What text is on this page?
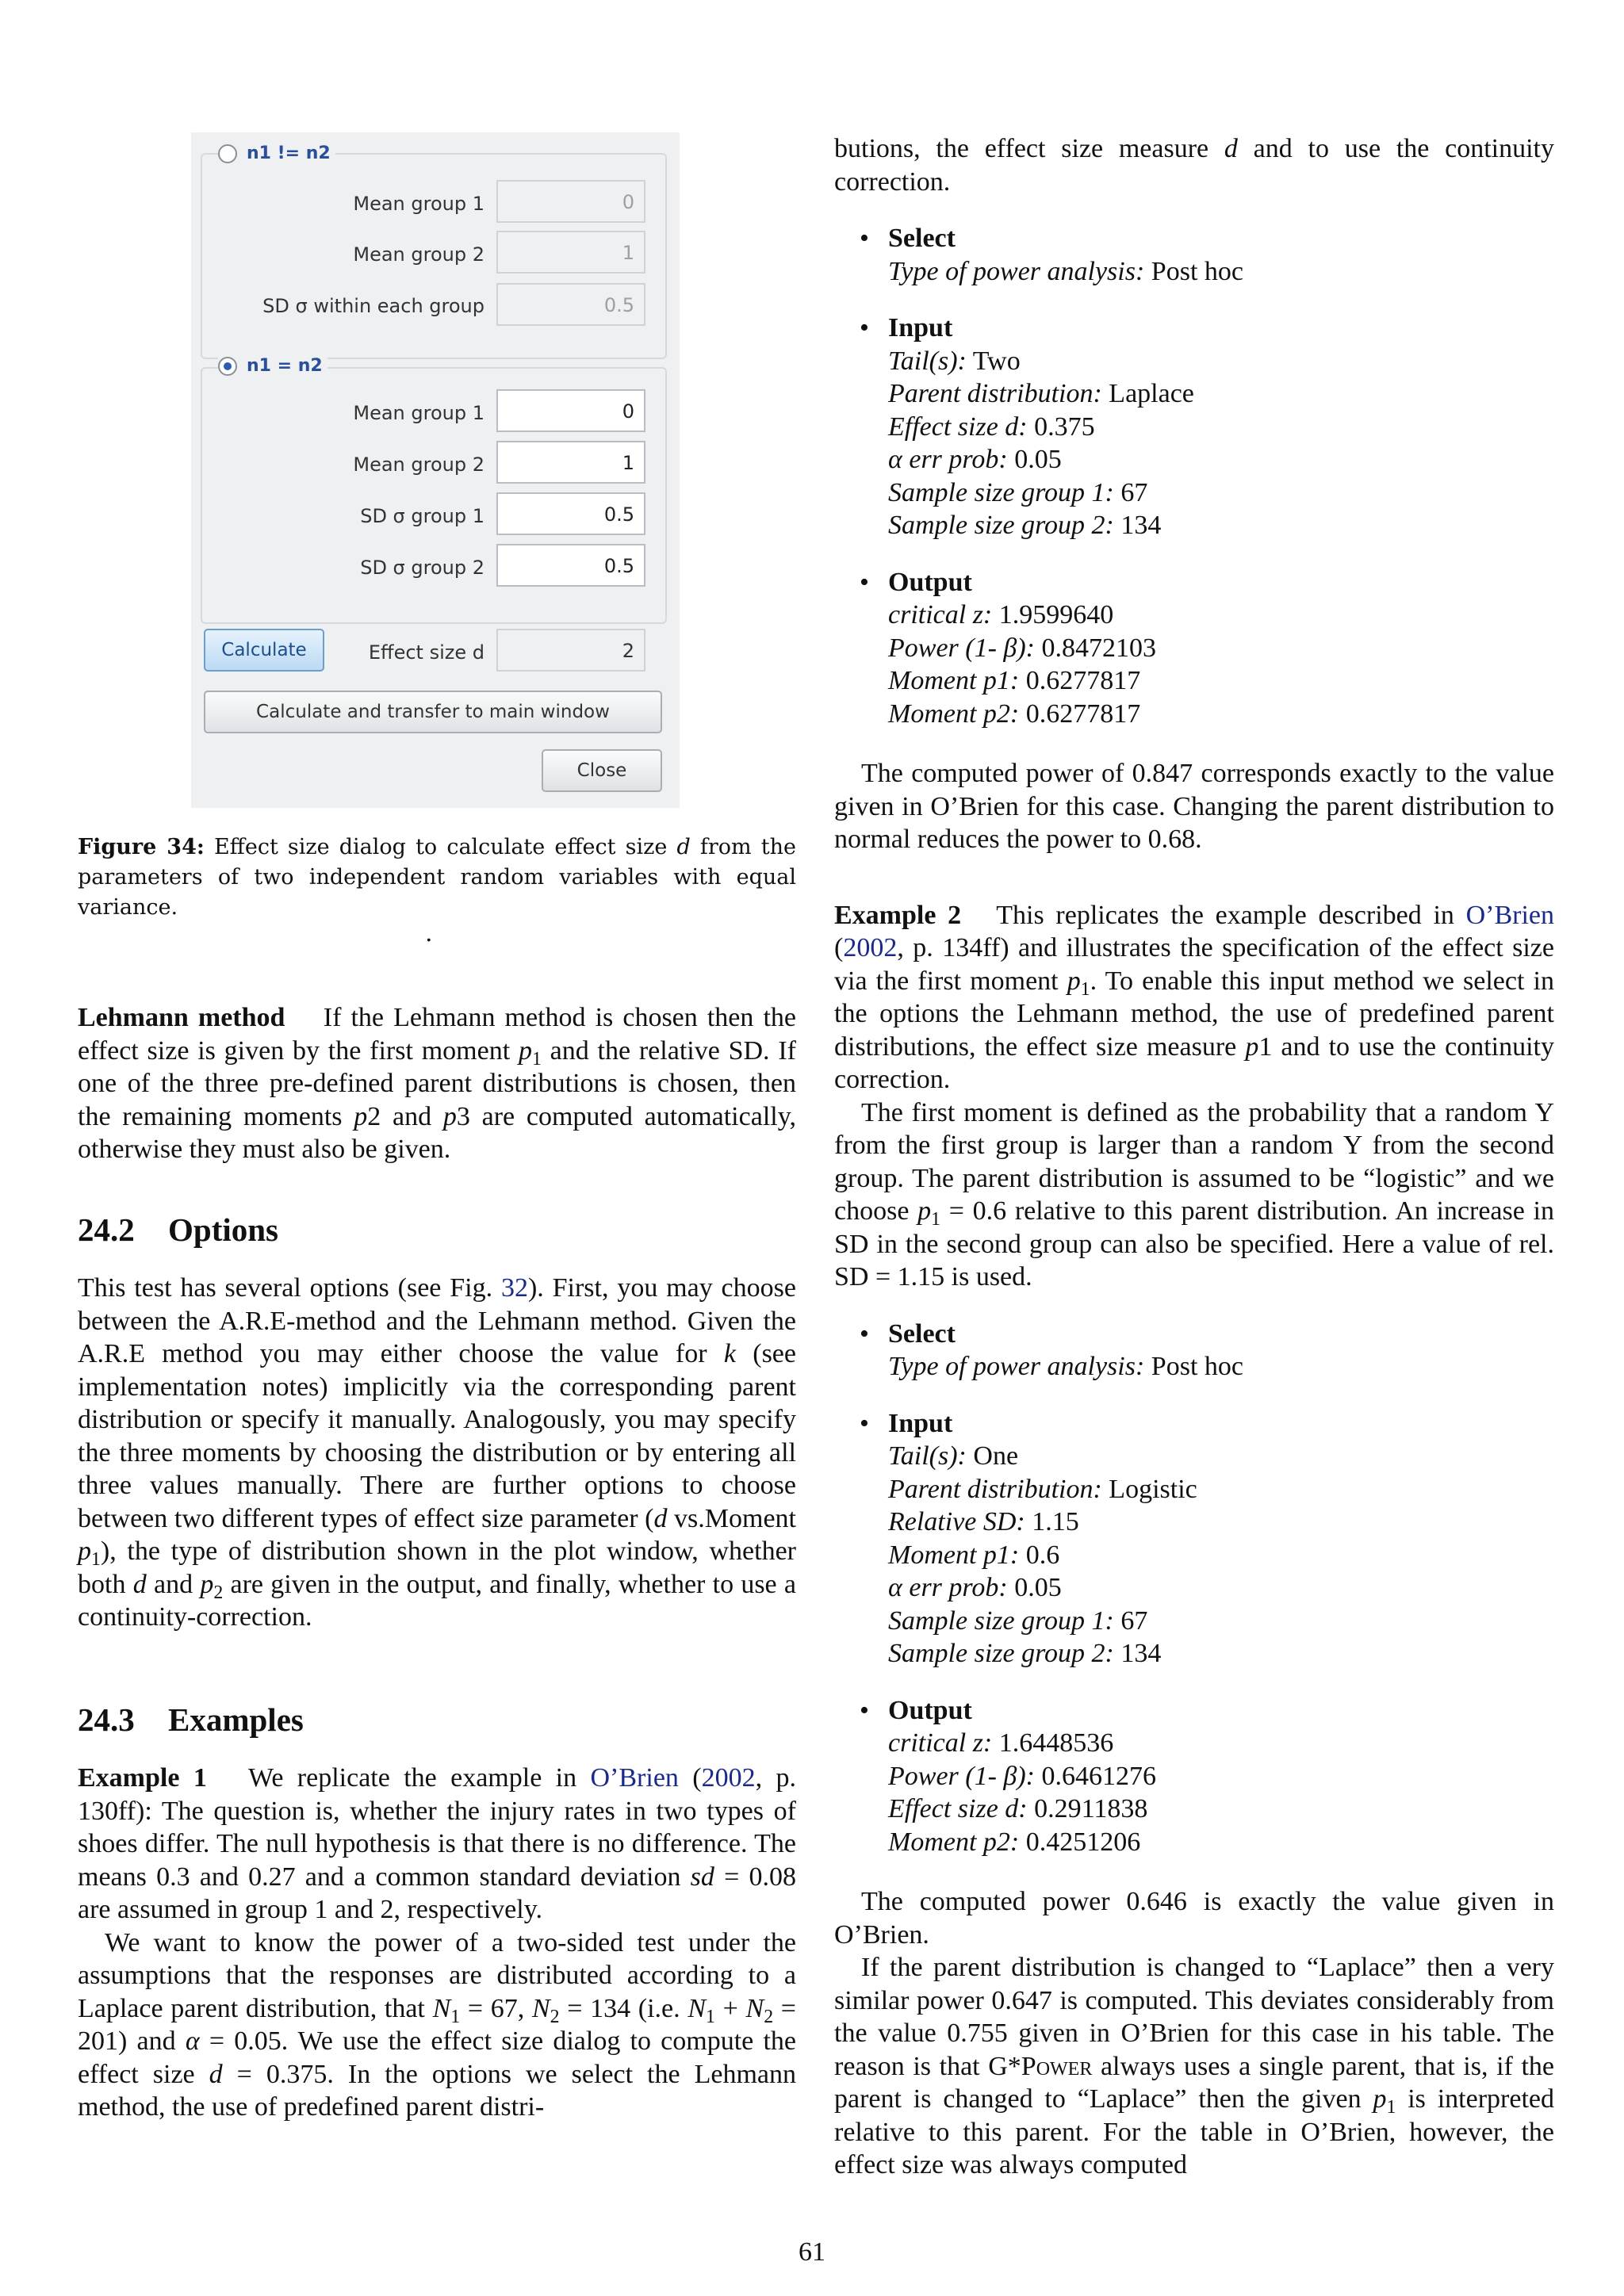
n1 != n2
Mean group 1	0
Mean group 2	1
SD σ within each group	0.5
n1 = n2
Mean group 1	0
Mean group 2	1
SD σ group 1	0.5
SD σ group 2	0.5
Calculate	Effect size d	2
Calculate and transfer to main window
Close
Figure 34: Effect size dialog to calculate effect size d from the parameters of two independent random variables with equal variance.
.

Lehmann method If the Lehmann method is chosen then the effect size is given by the first moment $p_1$ and the relative SD. If one of the three pre-defined parent distributions is chosen, then the remaining moments p2 and p3 are computed automatically, otherwise they must also be given.

24.2 Options

This test has several options (see Fig. 32). First, you may choose between the A.R.E-method and the Lehmann method. Given the A.R.E method you may either choose the value for k (see implementation notes) implicitly via the corresponding parent distribution or specify it manually. Analogously, you may specify the three moments by choosing the distribution or by entering all three values manually. There are further options to choose between two different types of effect size parameter (d vs.Moment $p_1$), the type of distribution shown in the plot window, whether both d and $p_2$ are given in the output, and finally, whether to use a continuity-correction.

24.3 Examples

Example 1 We replicate the example in O’Brien (2002, p. 130ff): The question is, whether the injury rates in two types of shoes differ. The null hypothesis is that there is no difference. The means 0.3 and 0.27 and a common standard deviation sd = 0.08 are assumed in group 1 and 2, respectively.

We want to know the power of a two-sided test under the assumptions that the responses are distributed according to a Laplace parent distribution, that $N_1 = 67$, $N_2 = 134$ (i.e. $N_1 + N_2 = 201$) and α = 0.05. We use the effect size dialog to compute the effect size d = 0.375. In the options we select the Lehmann method, the use of predefined parent distri-

butions, the effect size measure d and to use the continuity correction.

• Select
Type of power analysis: Post hoc
• Input
Tail(s): Two
Parent distribution: Laplace
Effect size d: 0.375
α err prob: 0.05
Sample size group 1: 67
Sample size group 2: 134
• Output
critical z: 1.9599640
Power (1- β): 0.8472103
Moment p1: 0.6277817
Moment p2: 0.6277817

The computed power of 0.847 corresponds exactly to the value given in O’Brien for this case. Changing the parent distribution to normal reduces the power to 0.68.

Example 2 This replicates the example described in O’Brien (2002, p. 134ff) and illustrates the specification of the effect size via the first moment $p_1$. To enable this input method we select in the options the Lehmann method, the use of predefined parent distributions, the effect size measure p1 and to use the continuity correction.

The first moment is defined as the probability that a random Y from the first group is larger than a random Y from the second group. The parent distribution is assumed to be “logistic” and we choose $p_1 = 0.6$ relative to this parent distribution. An increase in SD in the second group can also be specified. Here a value of rel. SD = 1.15 is used.

• Select
Type of power analysis: Post hoc
• Input
Tail(s): One
Parent distribution: Logistic
Relative SD: 1.15
Moment p1: 0.6
α err prob: 0.05
Sample size group 1: 67
Sample size group 2: 134
• Output
critical z: 1.6448536
Power (1- β): 0.6461276
Effect size d: 0.2911838
Moment p2: 0.4251206

The computed power 0.646 is exactly the value given in O’Brien.

If the parent distribution is changed to “Laplace” then a very similar power 0.647 is computed. This deviates considerably from the value 0.755 given in O’Brien for this case in his table. The reason is that G*Power always uses a single parent, that is, if the parent is changed to “Laplace” then the given $p_1$ is interpreted relative to this parent. For the table in O’Brien, however, the effect size was always computed

61
